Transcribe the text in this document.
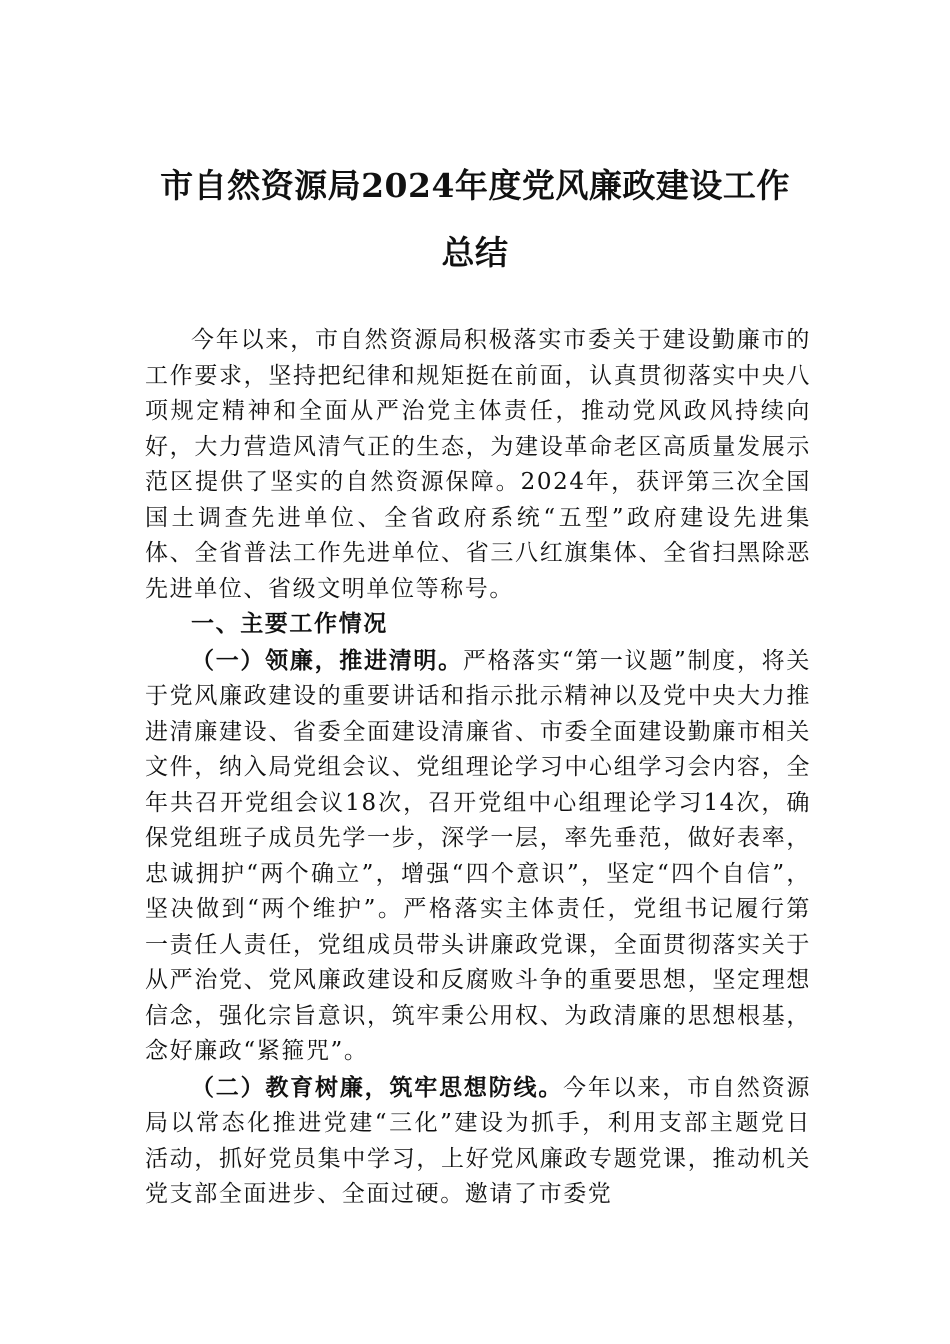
市自然资源局2024年度党风廉政建设工作
总结

今年以来，市自然资源局积极落实市委关于建设勤廉市的工作要求，坚持把纪律和规矩挺在前面，认真贯彻落实中央八项规定精神和全面从严治党主体责任，推动党风政风持续向好，大力营造风清气正的生态，为建设革命老区高质量发展示范区提供了坚实的自然资源保障。2024年，获评第三次全国国土调查先进单位、全省政府系统“五型”政府建设先进集体、全省普法工作先进单位、省三八红旗集体、全省扫黑除恶先进单位、省级文明单位等称号。

一、主要工作情况

（一）领廉，推进清明。严格落实“第一议题”制度，将关于党风廉政建设的重要讲话和指示批示精神以及党中央大力推进清廉建设、省委全面建设清廉省、市委全面建设勤廉市相关文件，纳入局党组会议、党组理论学习中心组学习会内容，全年共召开党组会议18次，召开党组中心组理论学习14次，确保党组班子成员先学一步，深学一层，率先垂范，做好表率，忠诚拥护“两个确立”，增强“四个意识”，坚定“四个自信”，坚决做到“两个维护”。严格落实主体责任，党组书记履行第一责任人责任，党组成员带头讲廉政党课，全面贯彻落实关于从严治党、党风廉政建设和反腐败斗争的重要思想，坚定理想信念，强化宗旨意识，筑牢秉公用权、为政清廉的思想根基，念好廉政“紧箍咒”。

（二）教育树廉，筑牢思想防线。今年以来，市自然资源局以常态化推进党建“三化”建设为抓手，利用支部主题党日活动，抓好党员集中学习，上好党风廉政专题党课，推动机关党支部全面进步、全面过硬。邀请了市委党
